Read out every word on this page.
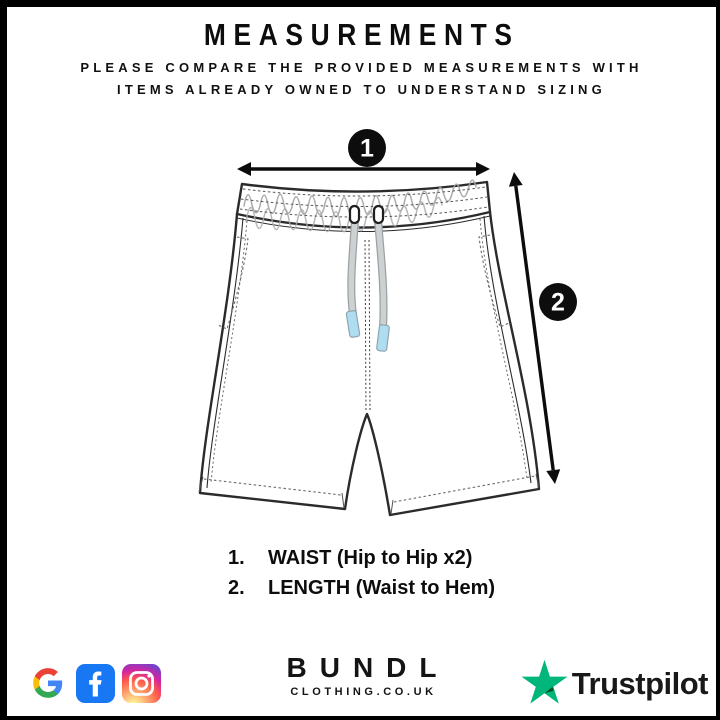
MEASUREMENTS
PLEASE COMPARE THE PROVIDED MEASUREMENTS WITH
ITEMS ALREADY OWNED TO UNDERSTAND SIZING
1
2
1.	WAIST (Hip to Hip x2)
2.	LENGTH (Waist to Hem)
BUNDL
CLOTHING.CO.UK	Trustpilot
